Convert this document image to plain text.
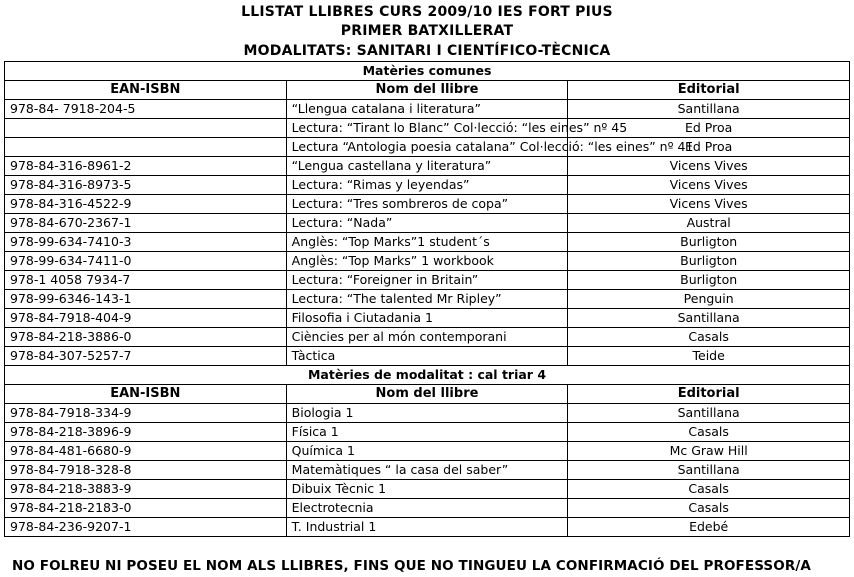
LLISTAT LLIBRES CURS 2009/10 IES FORT PIUS
PRIMER BATXILLERAT
MODALITATS: SANITARI I CIENTÍFICO-TÈCNICA
Matèries comunes		
EAN-ISBN	Nom del llibre	Editorial
978-84- 7918-204-5	“Llengua catalana i literatura”	Santillana
	Lectura: “Tirant lo Blanc” Col·lecció: “les eines” nº 45	Ed Proa
	Lectura “Antologia poesia catalana” Col·lecció: “les eines” nº 41	Ed Proa
978-84-316-8961-2	“Lengua castellana y literatura”	Vicens Vives
978-84-316-8973-5	Lectura: “Rimas y leyendas”	Vicens Vives
978-84-316-4522-9	Lectura: “Tres sombreros de copa”	Vicens Vives
978-84-670-2367-1	Lectura: “Nada”	Austral
978-99-634-7410-3	Anglès: “Top Marks”1 student´s	Burligton
978-99-634-7411-0	Anglès: “Top Marks” 1 workbook	Burligton
978-1 4058 7934-7	Lectura: “Foreigner in Britain”	Burligton
978-99-6346-143-1	Lectura: “The talented Mr Ripley”	Penguin
978-84-7918-404-9	Filosofia i Ciutadania 1	Santillana
978-84-218-3886-0	Ciències per al món contemporani	Casals
978-84-307-5257-7	Tàctica	Teide
Matèries de modalitat : cal triar 4		
EAN-ISBN	Nom del llibre	Editorial
978-84-7918-334-9	Biologia 1	Santillana
978-84-218-3896-9	Física 1	Casals
978-84-481-6680-9	Química 1	Mc Graw Hill
978-84-7918-328-8	Matemàtiques “ la casa del saber”	Santillana
978-84-218-3883-9	Dibuix Tècnic 1	Casals
978-84-218-2183-0	Electrotecnia	Casals
978-84-236-9207-1	T. Industrial 1	Edebé
NO FOLREU NI POSEU EL NOM ALS LLIBRES, FINS QUE NO TINGUEU LA CONFIRMACIÓ DEL PROFESSOR/A
